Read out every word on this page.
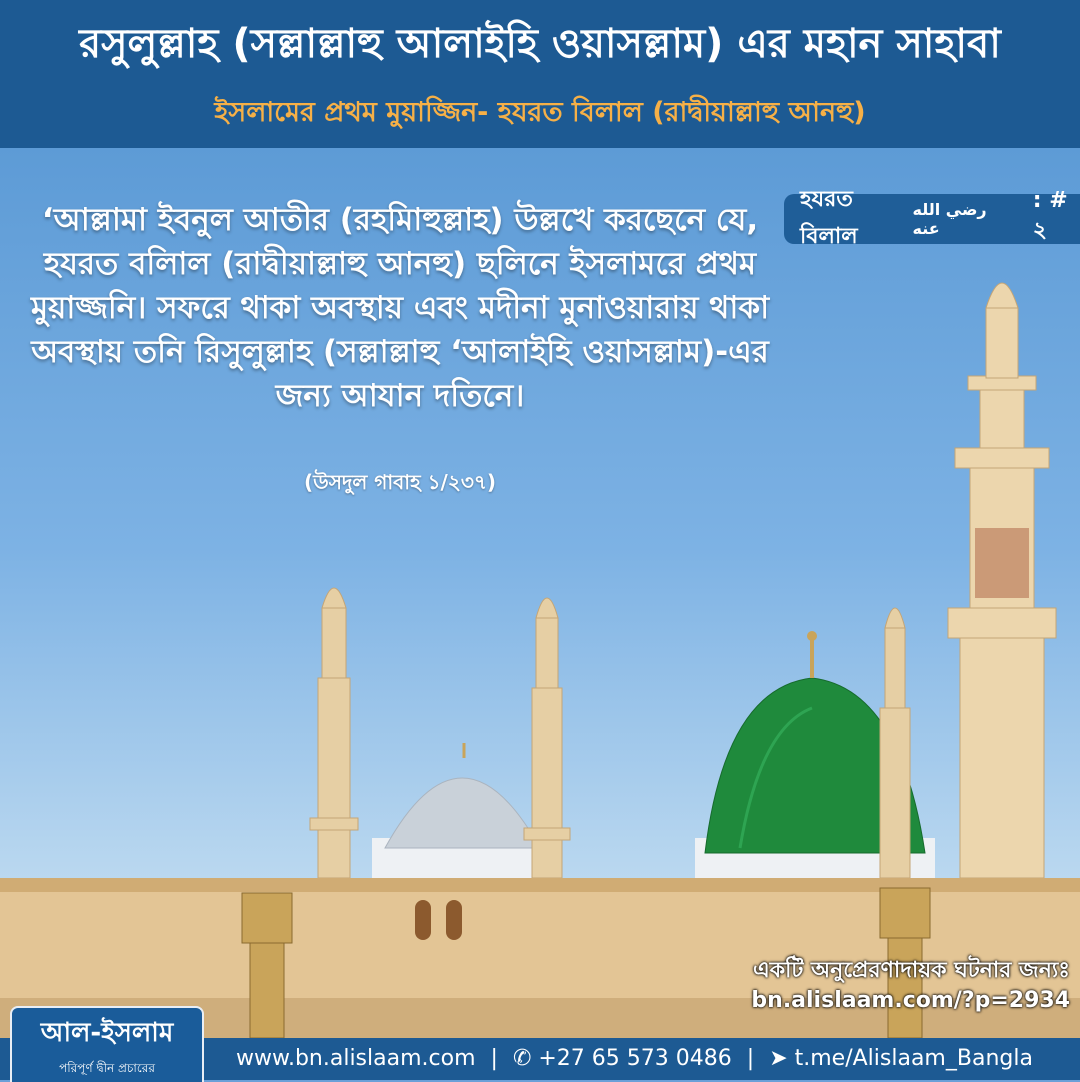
রসুলুল্লাহ (সল্লাল্লাহু আলাইহি ওয়াসল্লাম) এর মহান সাহাবা
ইসলামের প্রথম মুয়াজ্জিন- হযরত বিলাল (রাদ্বীয়াল্লাহু আনহু)
‘আল্লামা ইবনুল আতীর (রহমিাহুল্লাহ) উল্লখে করছেনে যে, হযরত বলিাল (রাদ্বীয়াল্লাহু আনহু) ছলিনে ইসলামরে প্রথম মুয়াজ্জনি। সফরে থাকা অবস্থায় এবং মদীনা মুনাওয়ারায় থাকা অবস্থায় তনি রিসুলুল্লাহ (সল্লাল্লাহু ‘আলাইহি ওয়াসল্লাম)-এর জন্য আযান দতিনে।
(উসদুল গাবাহ ১/২৩৭)
হযরত বিলাল
رضي الله عنه
: # ২
একটি অনুপ্রেরণাদায়ক ঘটনার জন্যঃ
bn.alislaam.com/?p=2934
www.bn.alislaam.com | ✆ +27 65 573 0486 | ➤ t.me/Alislaam_Bangla
আল-ইসলাম
পরিপূর্ণ দ্বীন প্রচারের
